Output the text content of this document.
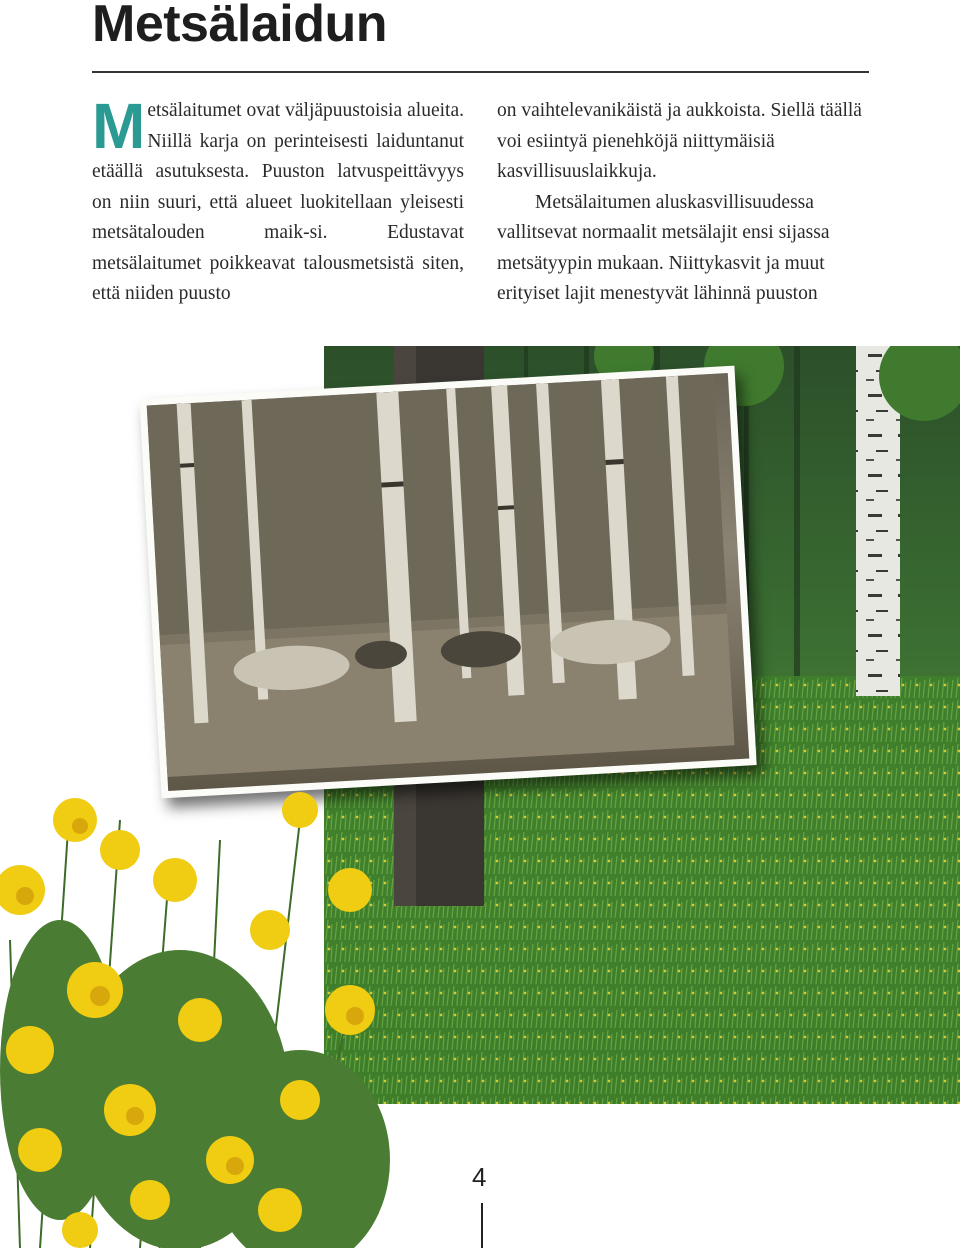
Metsälaidun

Metsälaitumet ovat väljäpuustoisia alueita. Niillä karja on perinteisesti laiduntanut etäällä asutuksesta. Puuston latvuspeittävyys on niin suuri, että alueet luokitellaan yleisesti metsätalouden maik-si. Edustavat metsälaitumet poikkeavat talousmetsistä siten, että niiden puusto

on vaihtelevanikäistä ja aukkoista. Siellä täällä voi esiintyä pienehköjä niittymäisiä kasvillisuuslaikkuja.

Metsälaitumen aluskasvillisuudessa vallitsevat normaalit metsälajit ensi sijassa metsätyypin mukaan. Niittykasvit ja muut erityiset lajit menestyvät lähinnä puuston

4
